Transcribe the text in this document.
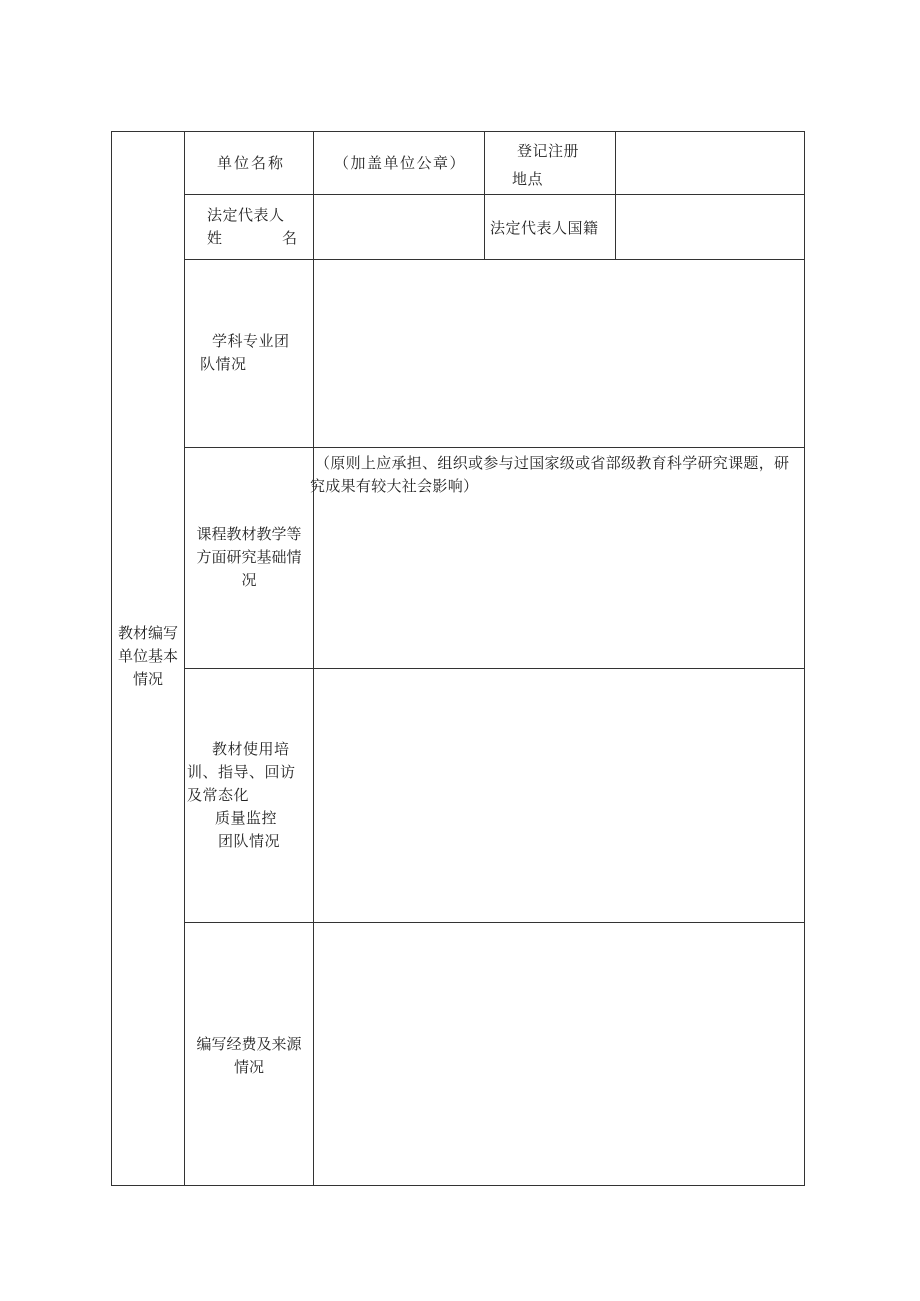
教材编写
单位基本
情况
单位名称	（加盖单位公章）
登记注册
地点
法定代表人
姓	名
法定代表人国籍
学科专业团
队情况
课程教材教学等
方面研究基础情
况
（原则上应承担、组织或参与过国家级或省部级教育科学研究课题，研究成果有较大社会影响）
教材使用培
训、指导、回访
及常态化
质量监控
团队情况
编写经费及来源
情况
